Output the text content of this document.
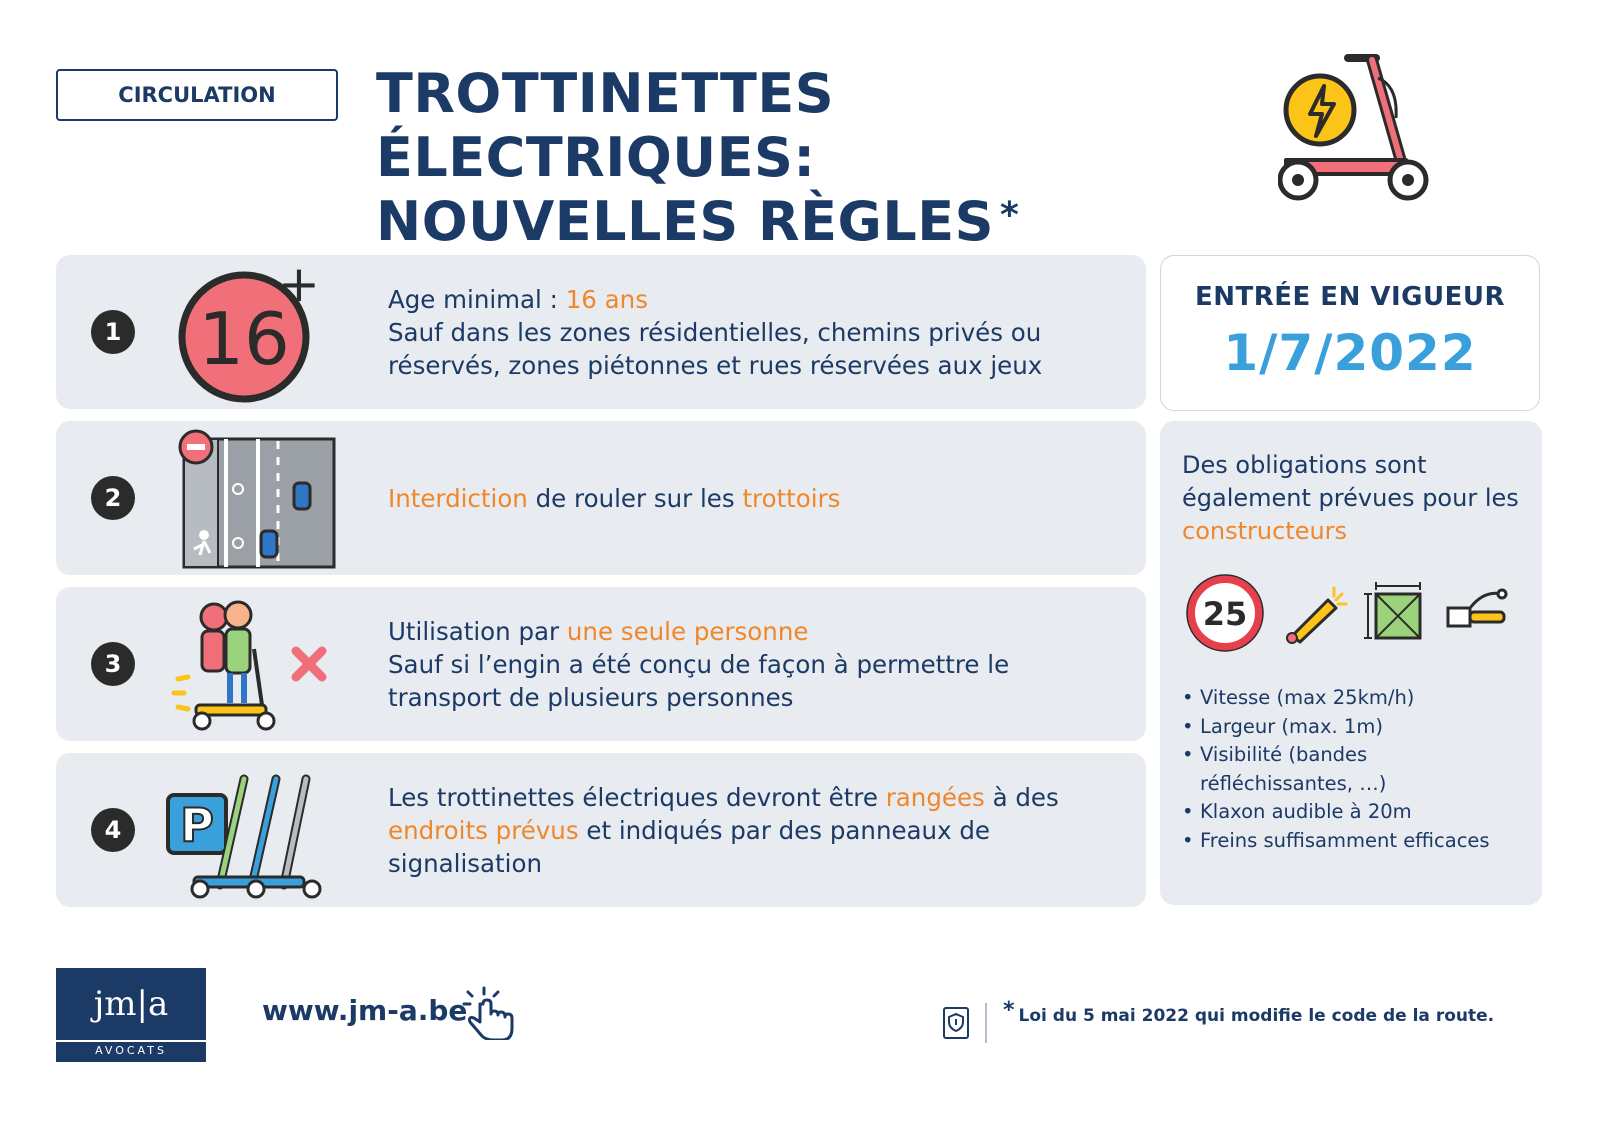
CIRCULATION	TROTTINETTES ÉLECTRIQUES:
NOUVELLES RÈGLES *
1 16
+	Age minimal : 16 ans
Sauf dans les zones résidentielles, chemins privés ou réservés, zones piétonnes et rues réservées aux jeux
2	Interdiction de rouler sur les trottoirs
3
Utilisation par une seule personne
Sauf si l’engin a été conçu de façon à permettre le transport de plusieurs personnes
4 P
Les trottinettes électriques devront être rangées à des endroits prévus et indiqués par des panneaux de signalisation
ENTRÉE EN VIGUEUR
1/7/2022
Des obligations sont également prévues pour les constructeurs
25
• Vitesse (max 25km/h)
• Largeur (max. 1m)
• Visibilité (bandes réfléchissantes, …)
• Klaxon audible à 20m
• Freins suffisamment efficaces
jm|a
AVOCATS
www.jm-a.be	* Loi du 5 mai 2022 qui modifie le code de la route.
